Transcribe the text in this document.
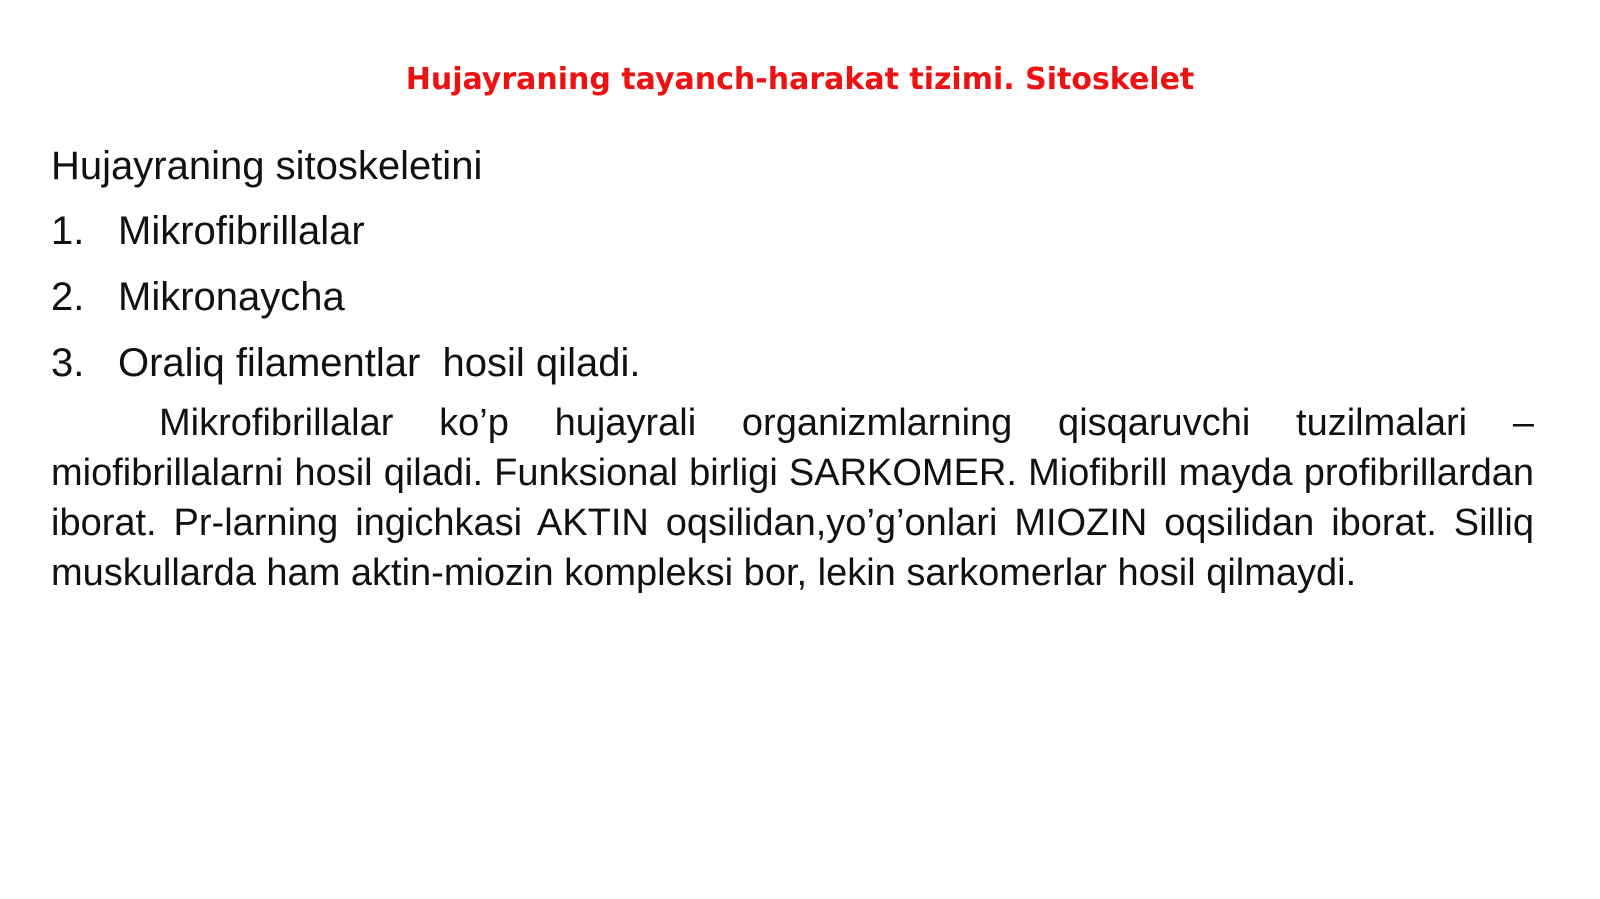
Hujayraning tayanch-harakat tizimi. Sitoskelet

Hujayraning sitoskeletini

1. Mikrofibrillalar
2. Mikronaycha
3. Oraliq filamentlar  hosil qiladi.

Mikrofibrillalar ko’p hujayrali organizmlarning qisqaruvchi tuzilmalari – miofibrillalarni hosil qiladi. Funksional birligi SARKOMER. Miofibrill mayda profibrillardan iborat. Pr-larning ingichkasi AKTIN oqsilidan,yo’g’onlari MIOZIN oqsilidan iborat. Silliq muskullarda ham aktin-miozin kompleksi bor, lekin sarkomerlar hosil qilmaydi.
